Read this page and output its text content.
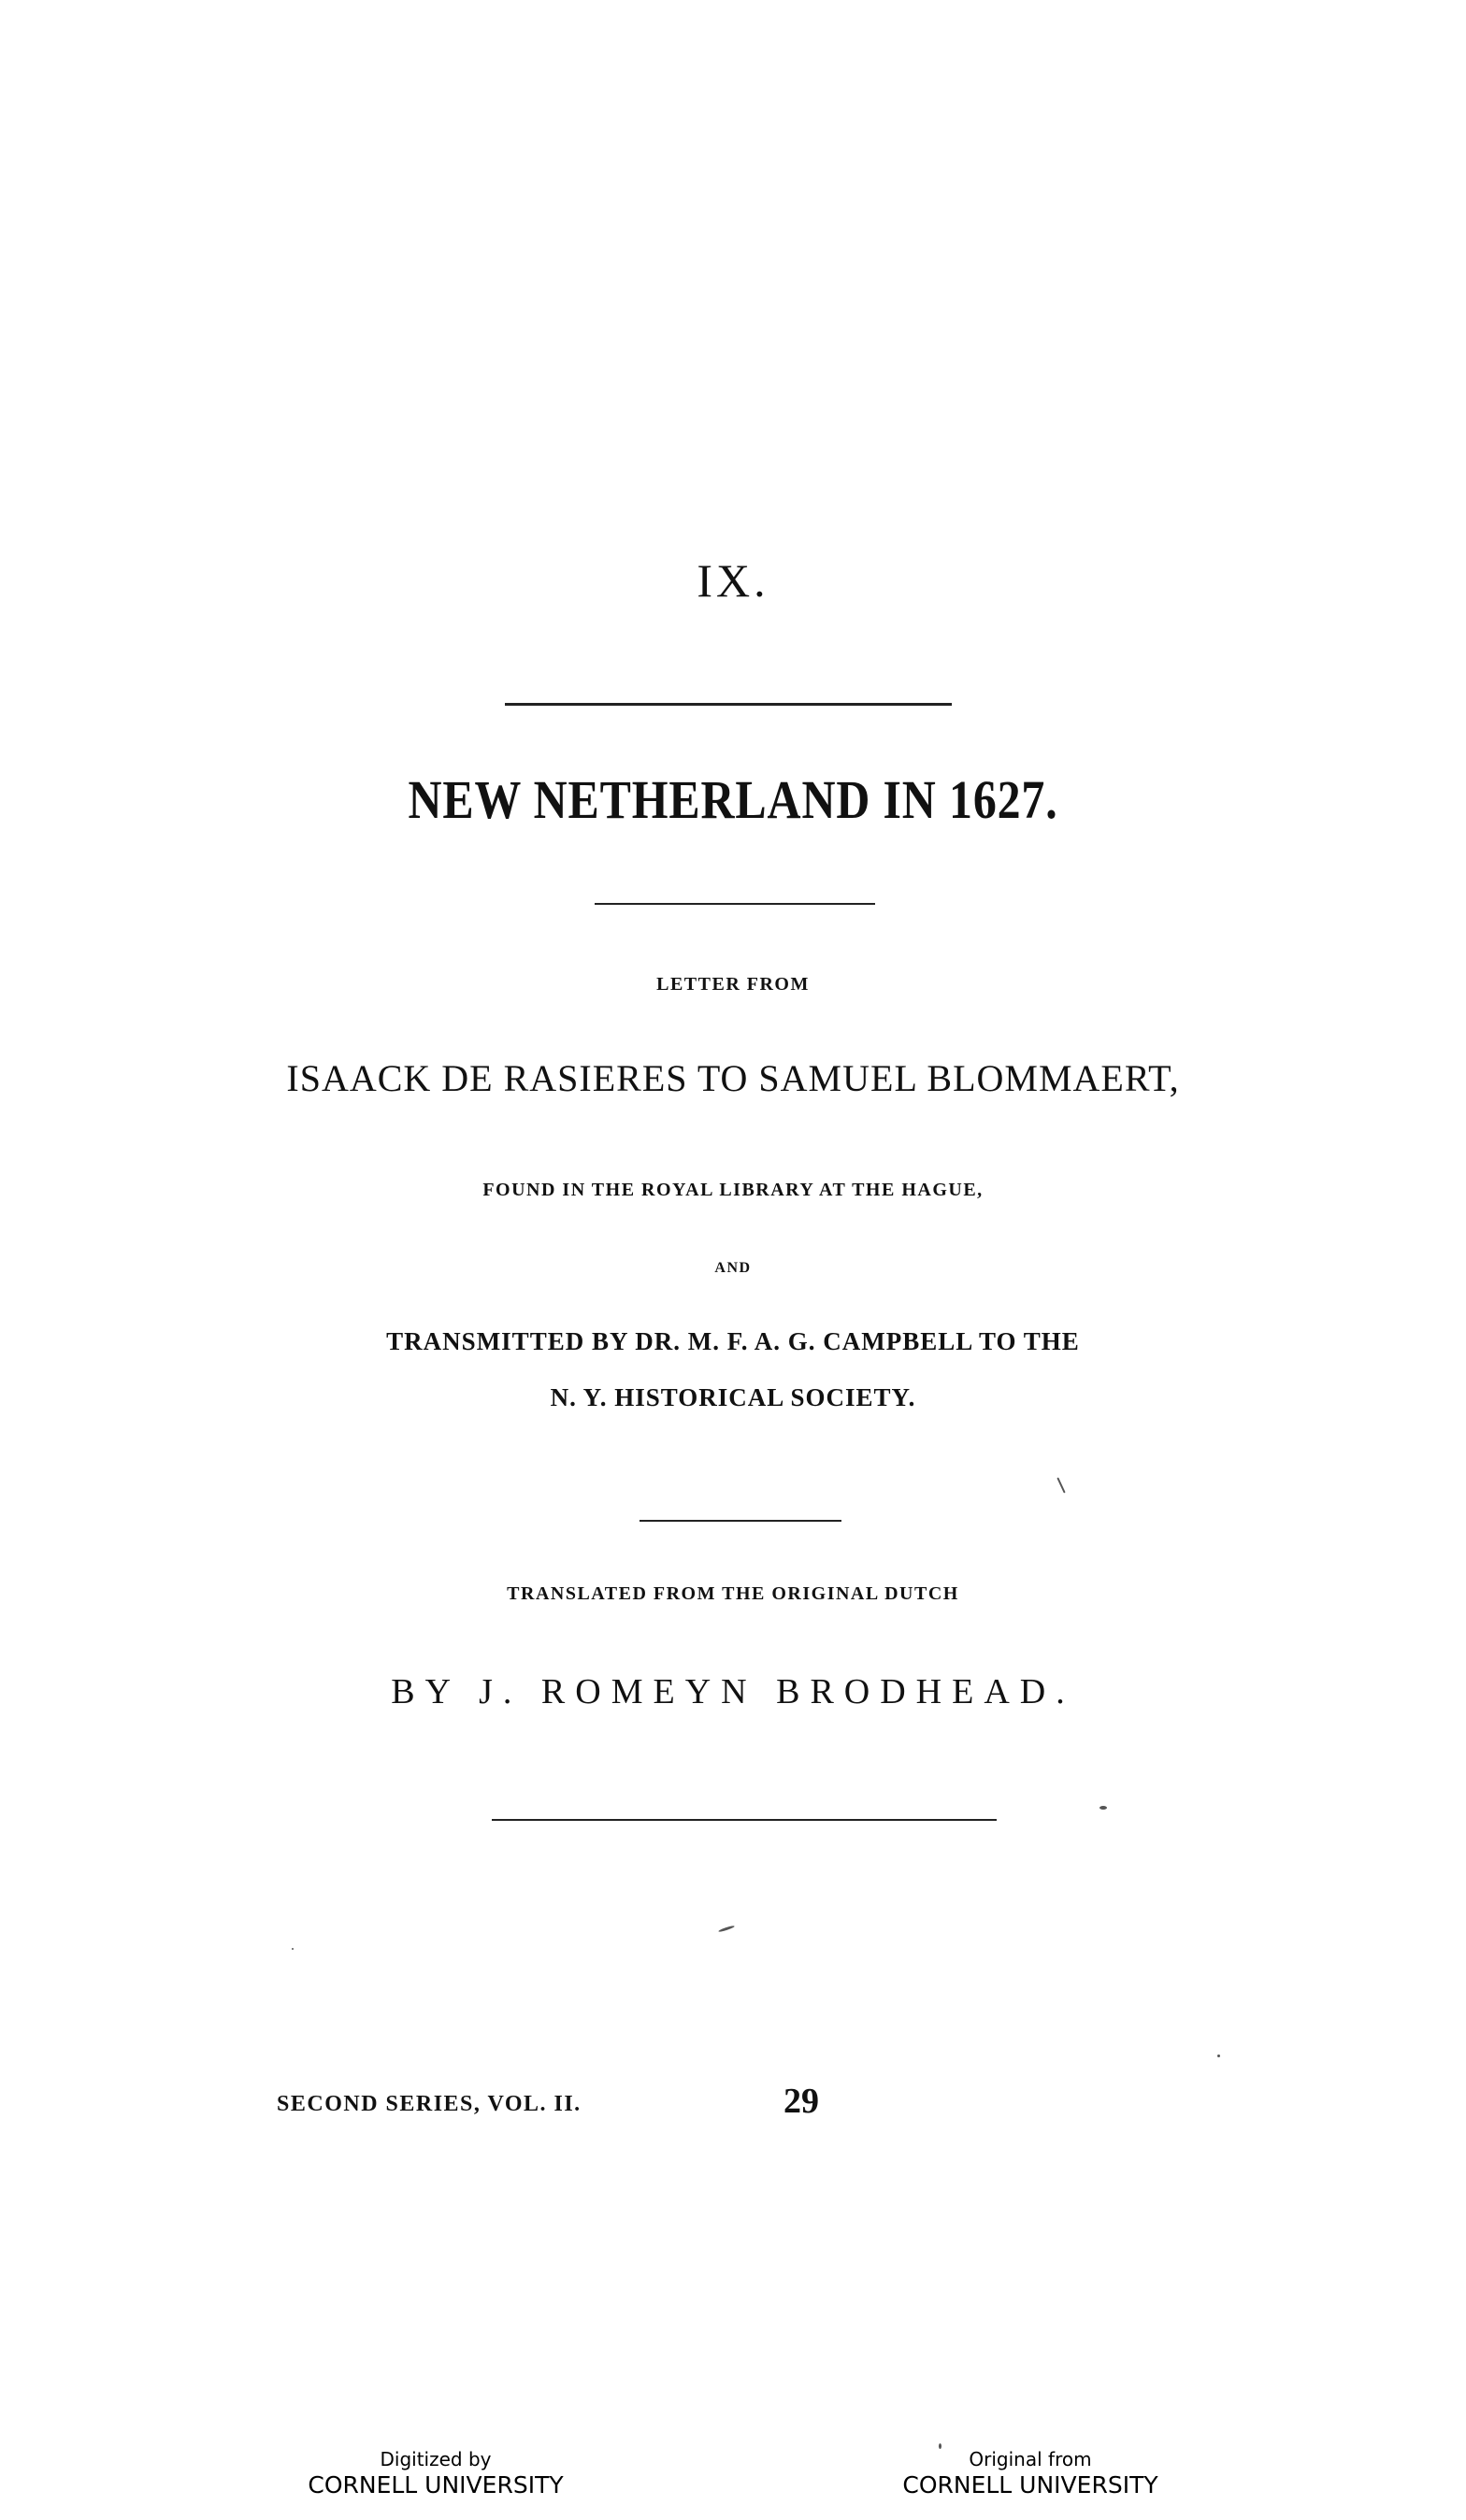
IX.
NEW NETHERLAND IN 1627.
LETTER FROM
ISAACK DE RASIERES TO SAMUEL BLOMMAERT,
FOUND IN THE ROYAL LIBRARY AT THE HAGUE,
AND
TRANSMITTED BY DR. M. F. A. G. CAMPBELL TO THE
N. Y. HISTORICAL SOCIETY.
TRANSLATED FROM THE ORIGINAL DUTCH
BY J. ROMEYN BRODHEAD.
SECOND SERIES, VOL. II.	29
Digitized by
CORNELL UNIVERSITY
Original from
CORNELL UNIVERSITY
